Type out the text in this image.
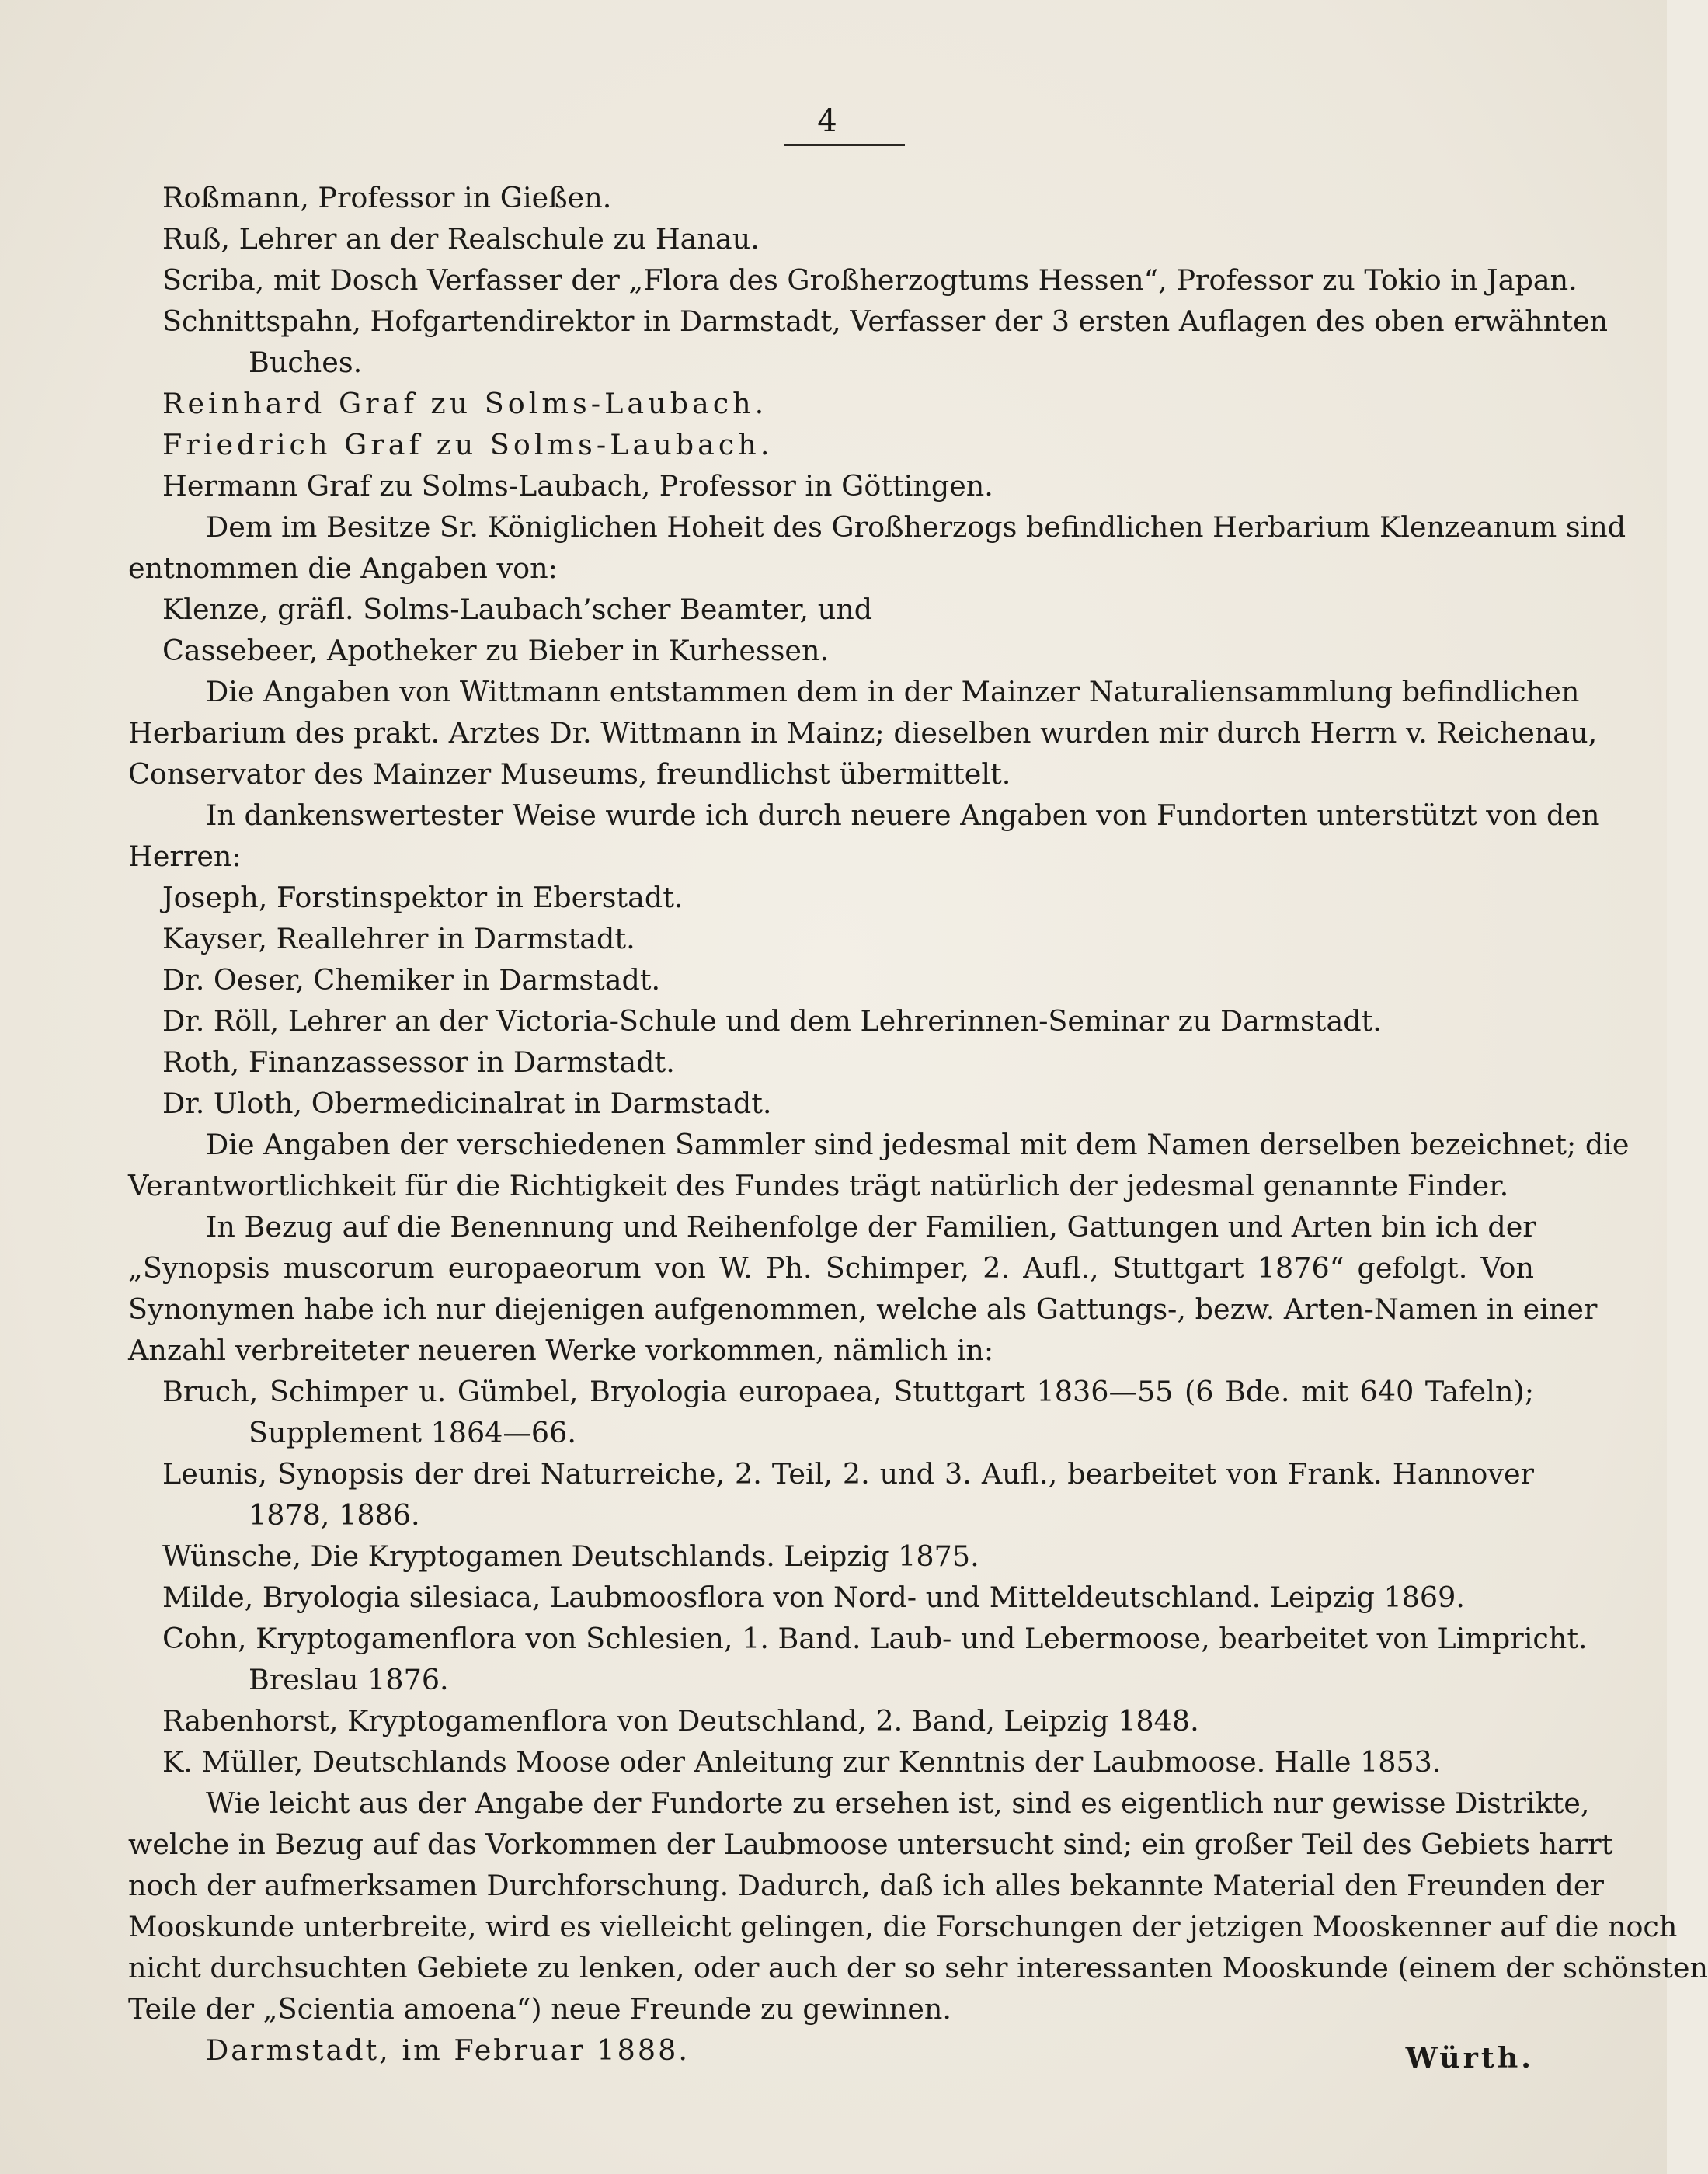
4
Roßmann, Professor in Gießen.
Ruß, Lehrer an der Realschule zu Hanau.
Scriba, mit Dosch Verfasser der „Flora des Großherzogtums Hessen“, Professor zu Tokio in Japan.
Schnittspahn, Hofgartendirektor in Darmstadt, Verfasser der 3 ersten Auflagen des oben erwähnten
Buches.
Reinhard Graf zu Solms-Laubach.
Friedrich Graf zu Solms-Laubach.
Hermann Graf zu Solms-Laubach, Professor in Göttingen.
Dem im Besitze Sr. Königlichen Hoheit des Großherzogs befindlichen Herbarium Klenzeanum sind
entnommen die Angaben von:
Klenze, gräfl. Solms-Laubach’scher Beamter, und
Cassebeer, Apotheker zu Bieber in Kurhessen.
Die Angaben von Wittmann entstammen dem in der Mainzer Naturaliensammlung befindlichen
Herbarium des prakt. Arztes Dr. Wittmann in Mainz; dieselben wurden mir durch Herrn v. Reichenau,
Conservator des Mainzer Museums, freundlichst übermittelt.
In dankenswertester Weise wurde ich durch neuere Angaben von Fundorten unterstützt von den
Herren:
Joseph, Forstinspektor in Eberstadt.
Kayser, Reallehrer in Darmstadt.
Dr. Oeser, Chemiker in Darmstadt.
Dr. Röll, Lehrer an der Victoria-Schule und dem Lehrerinnen-Seminar zu Darmstadt.
Roth, Finanzassessor in Darmstadt.
Dr. Uloth, Obermedicinalrat in Darmstadt.
Die Angaben der verschiedenen Sammler sind jedesmal mit dem Namen derselben bezeichnet; die
Verantwortlichkeit für die Richtigkeit des Fundes trägt natürlich der jedesmal genannte Finder.
In Bezug auf die Benennung und Reihenfolge der Familien, Gattungen und Arten bin ich der
„Synopsis muscorum europaeorum von W. Ph. Schimper, 2. Aufl., Stuttgart 1876“ gefolgt. Von
Synonymen habe ich nur diejenigen aufgenommen, welche als Gattungs-, bezw. Arten-Namen in einer
Anzahl verbreiteter neueren Werke vorkommen, nämlich in:
Bruch, Schimper u. Gümbel, Bryologia europaea, Stuttgart 1836—55 (6 Bde. mit 640 Tafeln);
Supplement 1864—66.
Leunis, Synopsis der drei Naturreiche, 2. Teil, 2. und 3. Aufl., bearbeitet von Frank. Hannover
1878, 1886.
Wünsche, Die Kryptogamen Deutschlands. Leipzig 1875.
Milde, Bryologia silesiaca, Laubmoosflora von Nord- und Mitteldeutschland. Leipzig 1869.
Cohn, Kryptogamenflora von Schlesien, 1. Band. Laub- und Lebermoose, bearbeitet von Limpricht.
Breslau 1876.
Rabenhorst, Kryptogamenflora von Deutschland, 2. Band, Leipzig 1848.
K. Müller, Deutschlands Moose oder Anleitung zur Kenntnis der Laubmoose. Halle 1853.
Wie leicht aus der Angabe der Fundorte zu ersehen ist, sind es eigentlich nur gewisse Distrikte,
welche in Bezug auf das Vorkommen der Laubmoose untersucht sind; ein großer Teil des Gebiets harrt
noch der aufmerksamen Durchforschung. Dadurch, daß ich alles bekannte Material den Freunden der
Mooskunde unterbreite, wird es vielleicht gelingen, die Forschungen der jetzigen Mooskenner auf die noch
nicht durchsuchten Gebiete zu lenken, oder auch der so sehr interessanten Mooskunde (einem der schönsten
Teile der „Scientia amoena“) neue Freunde zu gewinnen.
Darmstadt, im Februar 1888.	Würth.
